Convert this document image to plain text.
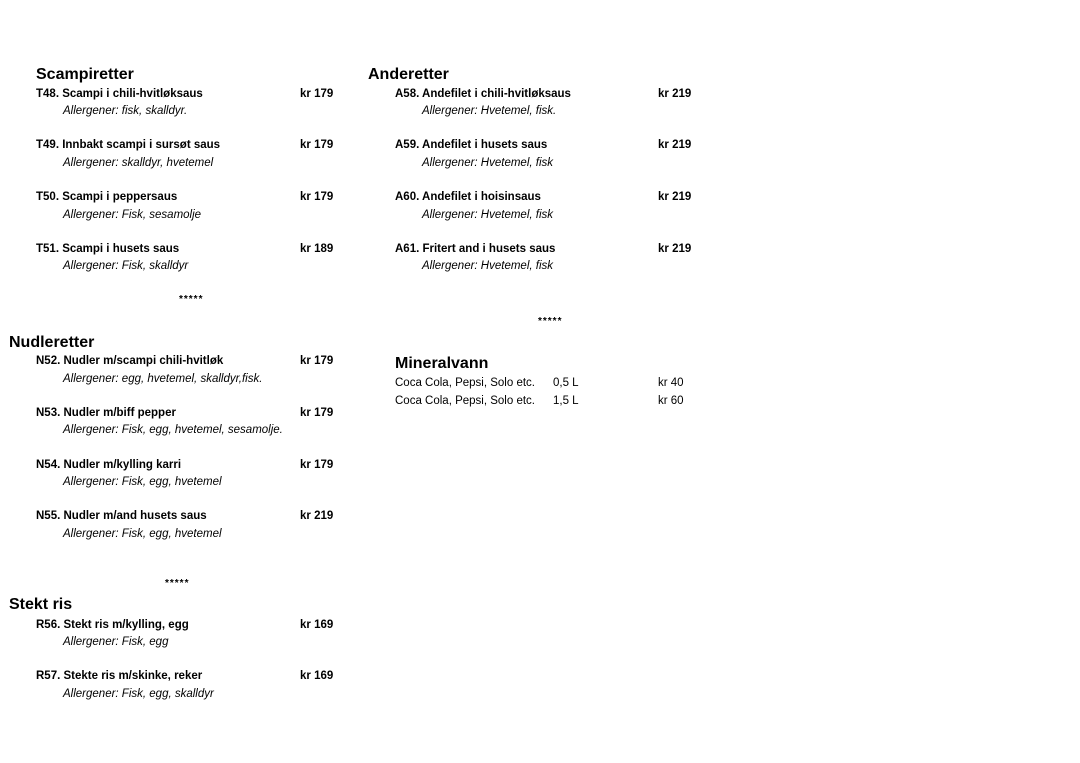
Scampiretter
T48. Scampi i chili-hvitløksaus	kr 179
Allergener: fisk, skalldyr.
T49. Innbakt scampi i sursøt saus	kr 179
Allergener: skalldyr, hvetemel
T50. Scampi i peppersaus	kr 179
Allergener: Fisk, sesamolje
T51. Scampi i husets saus	kr 189
Allergener: Fisk, skalldyr
*****
Nudleretter
N52. Nudler m/scampi chili-hvitløk	kr 179
Allergener: egg, hvetemel, skalldyr,fisk.
N53. Nudler m/biff pepper	kr 179
Allergener: Fisk, egg, hvetemel, sesamolje.
N54. Nudler m/kylling karri	kr 179
Allergener: Fisk, egg, hvetemel
N55. Nudler m/and husets saus	kr 219
Allergener: Fisk, egg, hvetemel
*****
Stekt ris
R56. Stekt ris m/kylling, egg	kr 169
Allergener: Fisk, egg
R57. Stekte ris m/skinke, reker	kr 169
Allergener: Fisk, egg, skalldyr
Anderetter
A58. Andefilet i chili-hvitløksaus	kr 219
Allergener: Hvetemel, fisk.
A59. Andefilet i husets saus	kr 219
Allergener: Hvetemel, fisk
A60. Andefilet i hoisinsaus	kr 219
Allergener: Hvetemel, fisk
A61. Fritert and i husets saus	kr 219
Allergener: Hvetemel, fisk
*****
Mineralvann
Coca Cola, Pepsi, Solo etc. 0,5 L	kr 40
Coca Cola, Pepsi, Solo etc. 1,5 L	kr 60
